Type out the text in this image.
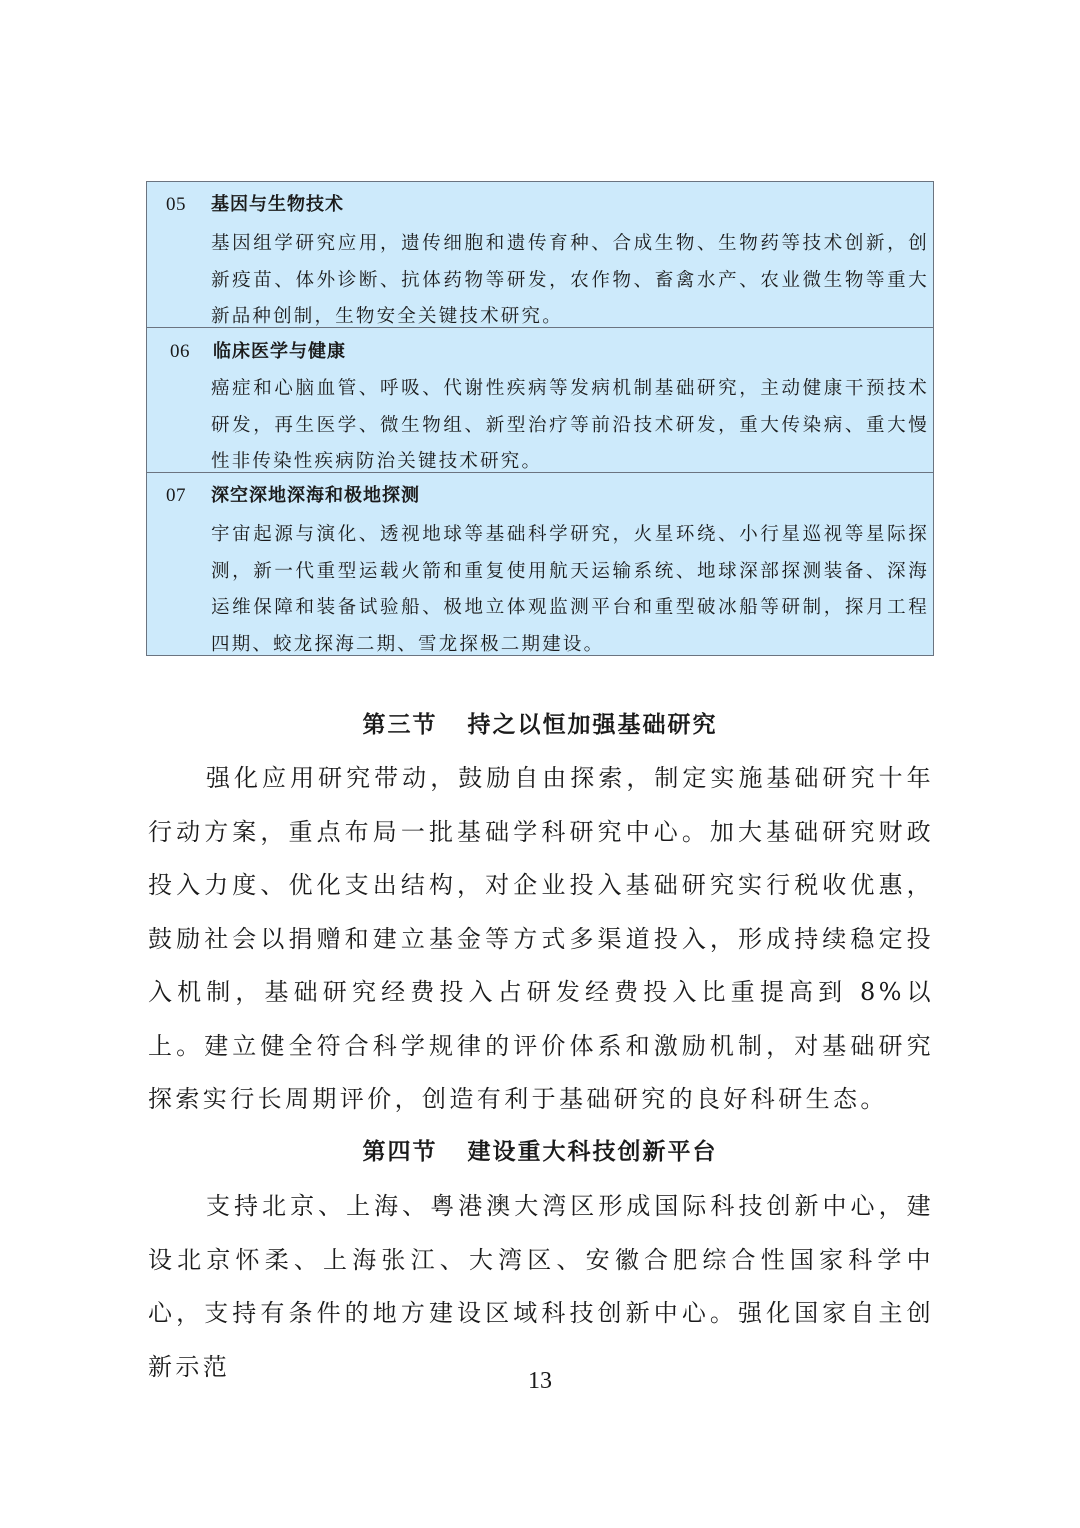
05 基因与生物技术
基因组学研究应用，遗传细胞和遗传育种、合成生物、生物药等技术创新，创新疫苗、体外诊断、抗体药物等研发，农作物、畜禽水产、农业微生物等重大新品种创制，生物安全关键技术研究。
06 临床医学与健康
癌症和心脑血管、呼吸、代谢性疾病等发病机制基础研究，主动健康干预技术研发，再生医学、微生物组、新型治疗等前沿技术研发，重大传染病、重大慢性非传染性疾病防治关键技术研究。
07 深空深地深海和极地探测
宇宙起源与演化、透视地球等基础科学研究，火星环绕、小行星巡视等星际探测，新一代重型运载火箭和重复使用航天运输系统、地球深部探测装备、深海运维保障和装备试验船、极地立体观监测平台和重型破冰船等研制，探月工程四期、蛟龙探海二期、雪龙探极二期建设。
第三节 持之以恒加强基础研究
强化应用研究带动，鼓励自由探索，制定实施基础研究十年行动方案，重点布局一批基础学科研究中心。加大基础研究财政投入力度、优化支出结构，对企业投入基础研究实行税收优惠，鼓励社会以捐赠和建立基金等方式多渠道投入，形成持续稳定投入机制，基础研究经费投入占研发经费投入比重提高到 8%以上。建立健全符合科学规律的评价体系和激励机制，对基础研究探索实行长周期评价，创造有利于基础研究的良好科研生态。
第四节 建设重大科技创新平台
支持北京、上海、粤港澳大湾区形成国际科技创新中心，建设北京怀柔、上海张江、大湾区、安徽合肥综合性国家科学中心，支持有条件的地方建设区域科技创新中心。强化国家自主创新示范
13
